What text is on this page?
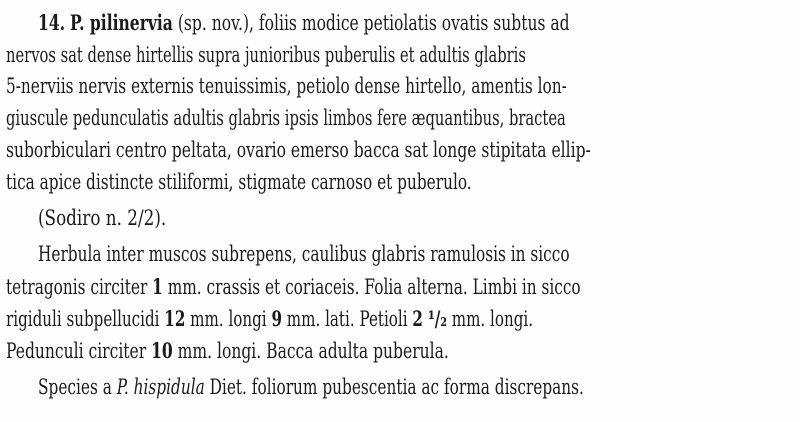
14. P. pilinervia (sp. nov.), foliis modice petiolatis ovatis subtus ad
nervos sat dense hirtellis supra junioribus puberulis et adultis glabris
5-nerviis nervis externis tenuissimis, petiolo dense hirtello, amentis lon-
giuscule pedunculatis adultis glabris ipsis limbos fere æquantibus, bractea
suborbiculari centro peltata, ovario emerso bacca sat longe stipitata ellip-
tica apice distincte stiliformi, stigmate carnoso et puberulo.
(Sodiro n. 2/2).
Herbula inter muscos subrepens, caulibus glabris ramulosis in sicco
tetragonis circiter 1 mm. crassis et coriaceis. Folia alterna. Limbi in sicco
rigiduli subpellucidi 12 mm. longi 9 mm. lati. Petioli 2 ¹/₂ mm. longi.
Pedunculi circiter 10 mm. longi. Bacca adulta puberula.
Species a P. hispidula Diet. foliorum pubescentia ac forma discrepans.
